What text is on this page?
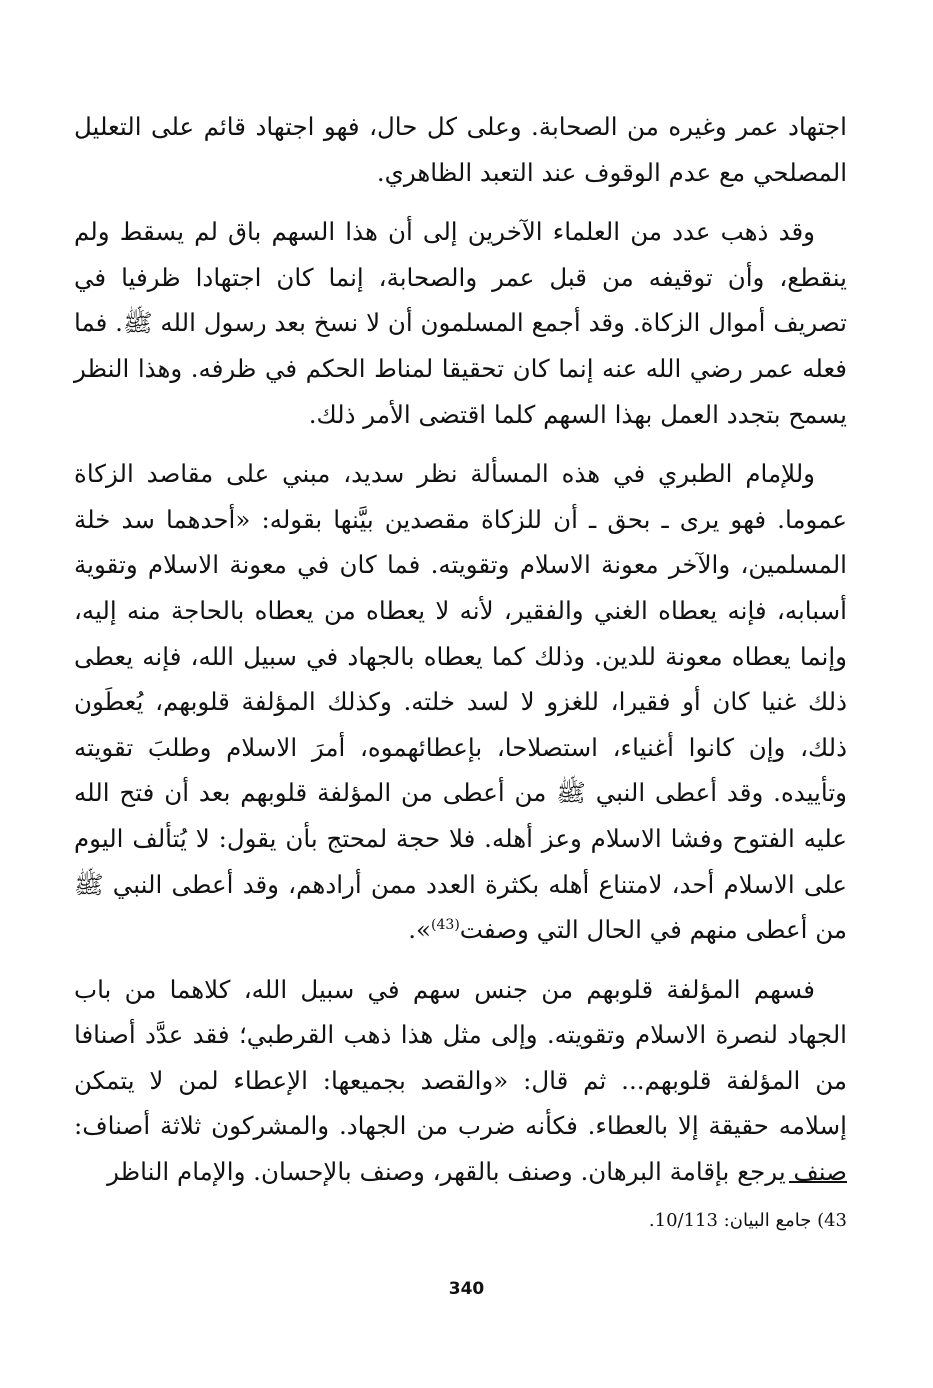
اجتهاد عمر وغيره من الصحابة. وعلى كل حال، فهو اجتهاد قائم على التعليل المصلحي مع عدم الوقوف عند التعبد الظاهري.

وقد ذهب عدد من العلماء الآخرين إلى أن هذا السهم باق لم يسقط ولم ينقطع، وأن توقيفه من قبل عمر والصحابة، إنما كان اجتهادا ظرفيا في تصريف أموال الزكاة. وقد أجمع المسلمون أن لا نسخ بعد رسول الله ﷺ. فما فعله عمر رضي الله عنه إنما كان تحقيقا لمناط الحكم في ظرفه. وهذا النظر يسمح بتجدد العمل بهذا السهم كلما اقتضى الأمر ذلك.

وللإمام الطبري في هذه المسألة نظر سديد، مبني على مقاصد الزكاة عموما. فهو يرى ـ بحق ـ أن للزكاة مقصدين بيَّنها بقوله: «أحدهما سد خلة المسلمين، والآخر معونة الاسلام وتقويته. فما كان في معونة الاسلام وتقوية أسبابه، فإنه يعطاه الغني والفقير، لأنه لا يعطاه من يعطاه بالحاجة منه إليه، وإنما يعطاه معونة للدين. وذلك كما يعطاه بالجهاد في سبيل الله، فإنه يعطى ذلك غنيا كان أو فقيرا، للغزو لا لسد خلته. وكذلك المؤلفة قلوبهم، يُعطَون ذلك، وإن كانوا أغنياء، استصلاحا، بإعطائهموه، أمرَ الاسلام وطلبَ تقويته وتأييده. وقد أعطى النبي ﷺ من أعطى من المؤلفة قلوبهم بعد أن فتح الله عليه الفتوح وفشا الاسلام وعز أهله. فلا حجة لمحتج بأن يقول: لا يُتألف اليوم على الاسلام أحد، لامتناع أهله بكثرة العدد ممن أرادهم، وقد أعطى النبي ﷺ من أعطى منهم في الحال التي وصفت$^{(43)}$».

فسهم المؤلفة قلوبهم من جنس سهم في سبيل الله، كلاهما من باب الجهاد لنصرة الاسلام وتقويته. وإلى مثل هذا ذهب القرطبي؛ فقد عدَّد أصنافا من المؤلفة قلوبهم... ثم قال: «والقصد بجميعها: الإعطاء لمن لا يتمكن إسلامه حقيقة إلا بالعطاء. فكأنه ضرب من الجهاد. والمشركون ثلاثة أصناف: صنف يرجع بإقامة البرهان. وصنف بالقهر، وصنف بالإحسان. والإمام الناظر

43) جامع البيان: 10/113.
340
